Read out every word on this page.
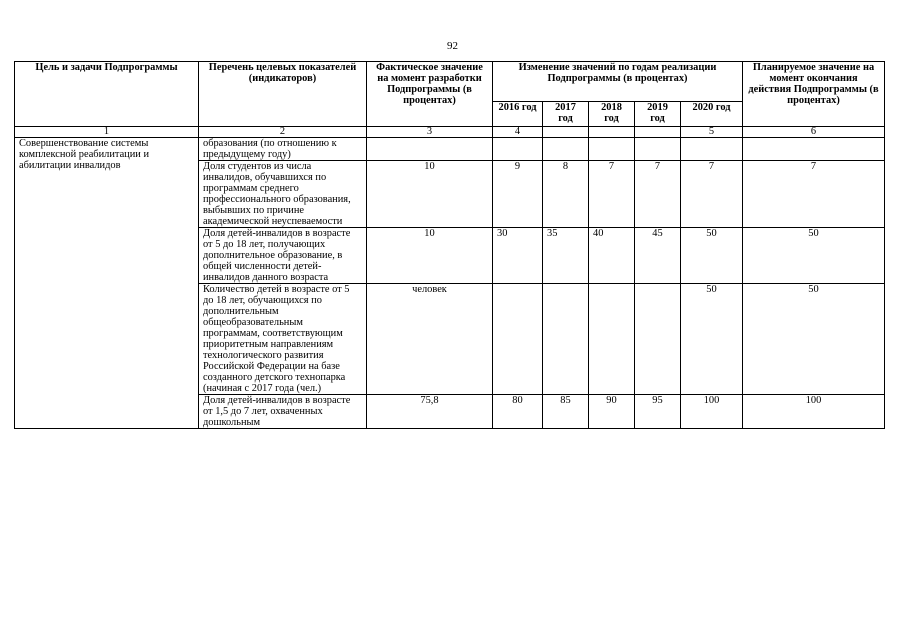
92
Цель и задачи Подпрограммы	Перечень целевых показателей (индикаторов)	Фактическое значение на момент разработки Подпрограммы (в процентах)	Изменение значений по годам реализации Подпрограммы (в процентах)					Планируемое значение на момент окончания действия Подпрограммы (в процентах)
			2016 год	2017 год	2018 год	2019 год	2020 год	
1	2	3	4				5	6
Совершенствование системы комплексной реабилитации и абилитации инвалидов	образования (по отношению к предыдущему году)							
	Доля студентов из числа инвалидов, обучавшихся по программам среднего профессионального образования, выбывших по причине академической неуспеваемости	10	9	8	7	7	7	7
	Доля детей-инвалидов в возрасте от 5 до 18 лет, получающих дополнительное образование, в общей численности детей-инвалидов данного возраста	10	30	35	40	45	50	50
	Количество детей в возрасте от 5 до 18 лет, обучающихся по дополнительным общеобразовательным программам, соответствующим приоритетным направлениям технологического развития Российской Федерации на базе созданного детского технопарка (начиная с 2017 года (чел.)	человек					50	50
	Доля детей-инвалидов в возрасте от 1,5 до 7 лет, охваченных дошкольным	75,8	80	85	90	95	100	100
